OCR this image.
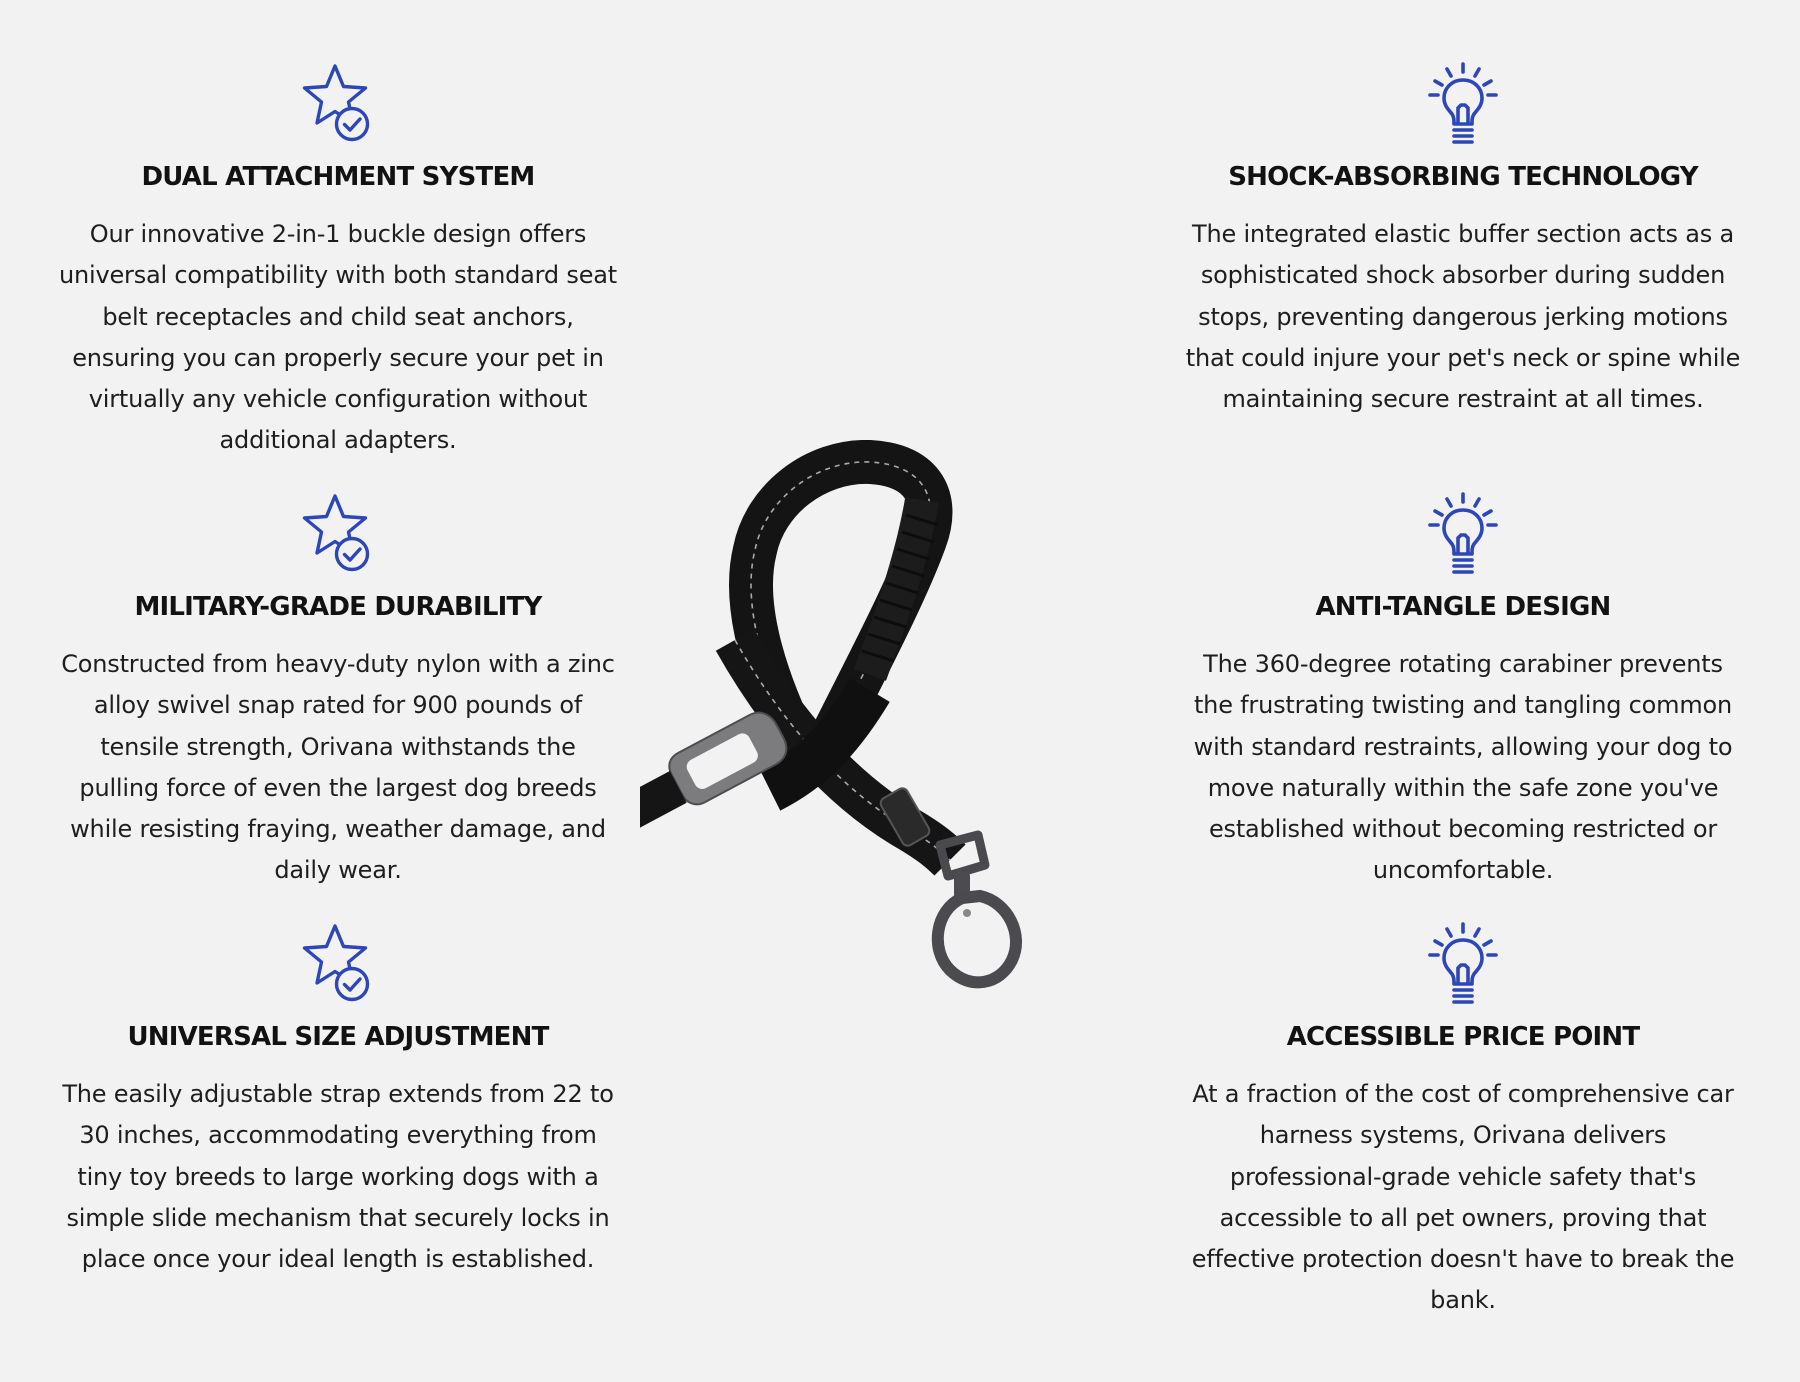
DUAL ATTACHMENT SYSTEM

Our innovative 2-in-1 buckle design offers universal compatibility with both standard seat belt receptacles and child seat anchors, ensuring you can properly secure your pet in virtually any vehicle configuration without additional adapters.

MILITARY-GRADE DURABILITY

Constructed from heavy-duty nylon with a zinc alloy swivel snap rated for 900 pounds of tensile strength, Orivana withstands the pulling force of even the largest dog breeds while resisting fraying, weather damage, and daily wear.

UNIVERSAL SIZE ADJUSTMENT

The easily adjustable strap extends from 22 to 30 inches, accommodating everything from tiny toy breeds to large working dogs with a simple slide mechanism that securely locks in place once your ideal length is established.

SHOCK-ABSORBING TECHNOLOGY

The integrated elastic buffer section acts as a sophisticated shock absorber during sudden stops, preventing dangerous jerking motions that could injure your pet's neck or spine while maintaining secure restraint at all times.

ANTI-TANGLE DESIGN

The 360-degree rotating carabiner prevents the frustrating twisting and tangling common with standard restraints, allowing your dog to move naturally within the safe zone you've established without becoming restricted or uncomfortable.

ACCESSIBLE PRICE POINT

At a fraction of the cost of comprehensive car harness systems, Orivana delivers professional-grade vehicle safety that's accessible to all pet owners, proving that effective protection doesn't have to break the bank.
